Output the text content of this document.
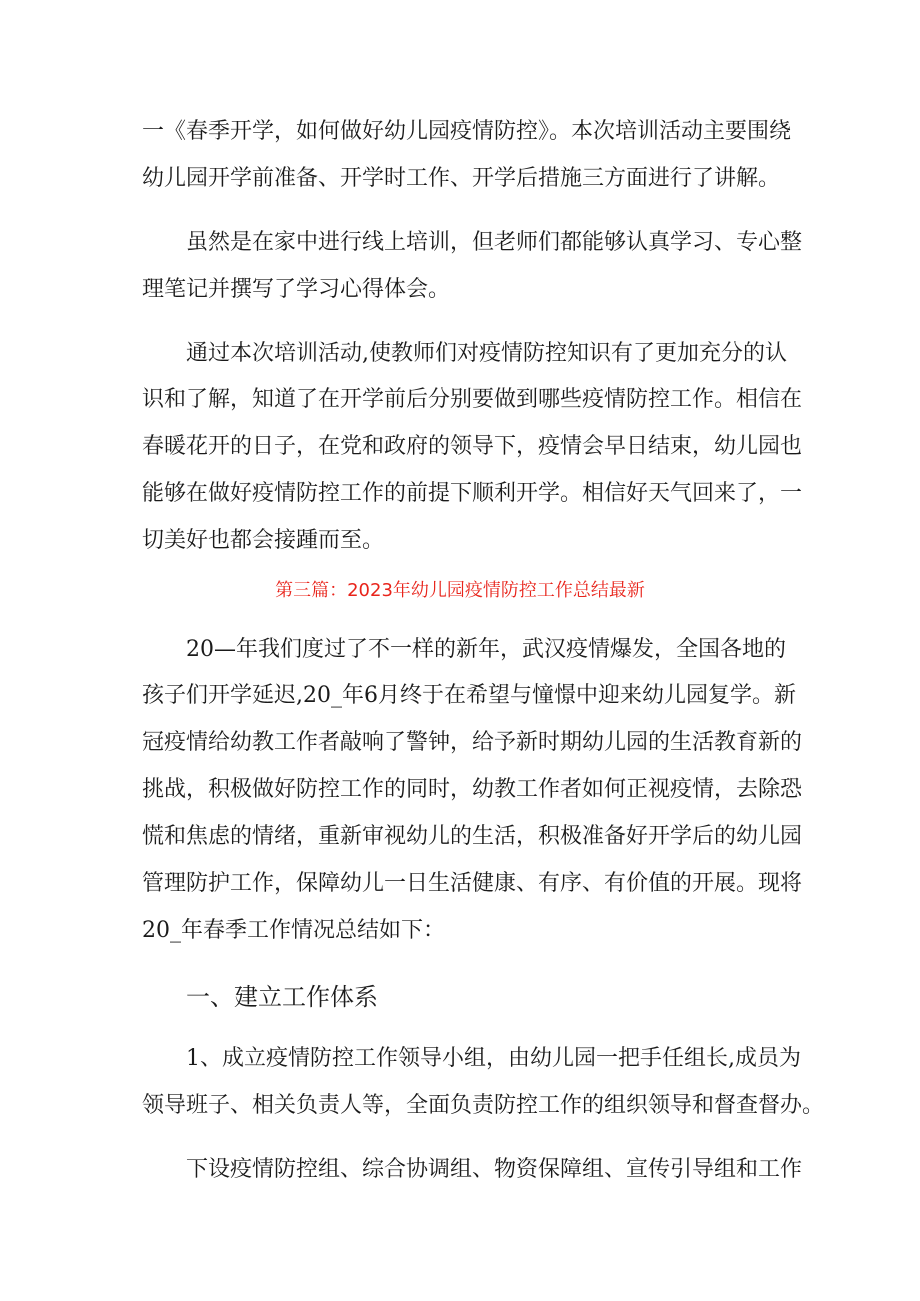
一《春季开学，如何做好幼儿园疫情防控》。本次培训活动主要围绕
幼儿园开学前准备、开学时工作、开学后措施三方面进行了讲解。
虽然是在家中进行线上培训，但老师们都能够认真学习、专心整
理笔记并撰写了学习心得体会。
通过本次培训活动,使教师们对疫情防控知识有了更加充分的认
识和了解，知道了在开学前后分别要做到哪些疫情防控工作。相信在
春暖花开的日子，在党和政府的领导下，疫情会早日结束，幼儿园也
能够在做好疫情防控工作的前提下顺利开学。相信好天气回来了，一
切美好也都会接踵而至。
第三篇：2023年幼儿园疫情防控工作总结最新
20—年我们度过了不一样的新年，武汉疫情爆发，全国各地的
孩子们开学延迟,20_年6月终于在希望与憧憬中迎来幼儿园复学。新
冠疫情给幼教工作者敲响了警钟，给予新时期幼儿园的生活教育新的
挑战，积极做好防控工作的同时，幼教工作者如何正视疫情，去除恐
慌和焦虑的情绪，重新审视幼儿的生活，积极准备好开学后的幼儿园
管理防护工作，保障幼儿一日生活健康、有序、有价值的开展。现将
20_年春季工作情况总结如下：
一、建立工作体系
1、成立疫情防控工作领导小组，由幼儿园一把手任组长,成员为
领导班子、相关负责人等，全面负责防控工作的组织领导和督查督办。
下设疫情防控组、综合协调组、物资保障组、宣传引导组和工作
